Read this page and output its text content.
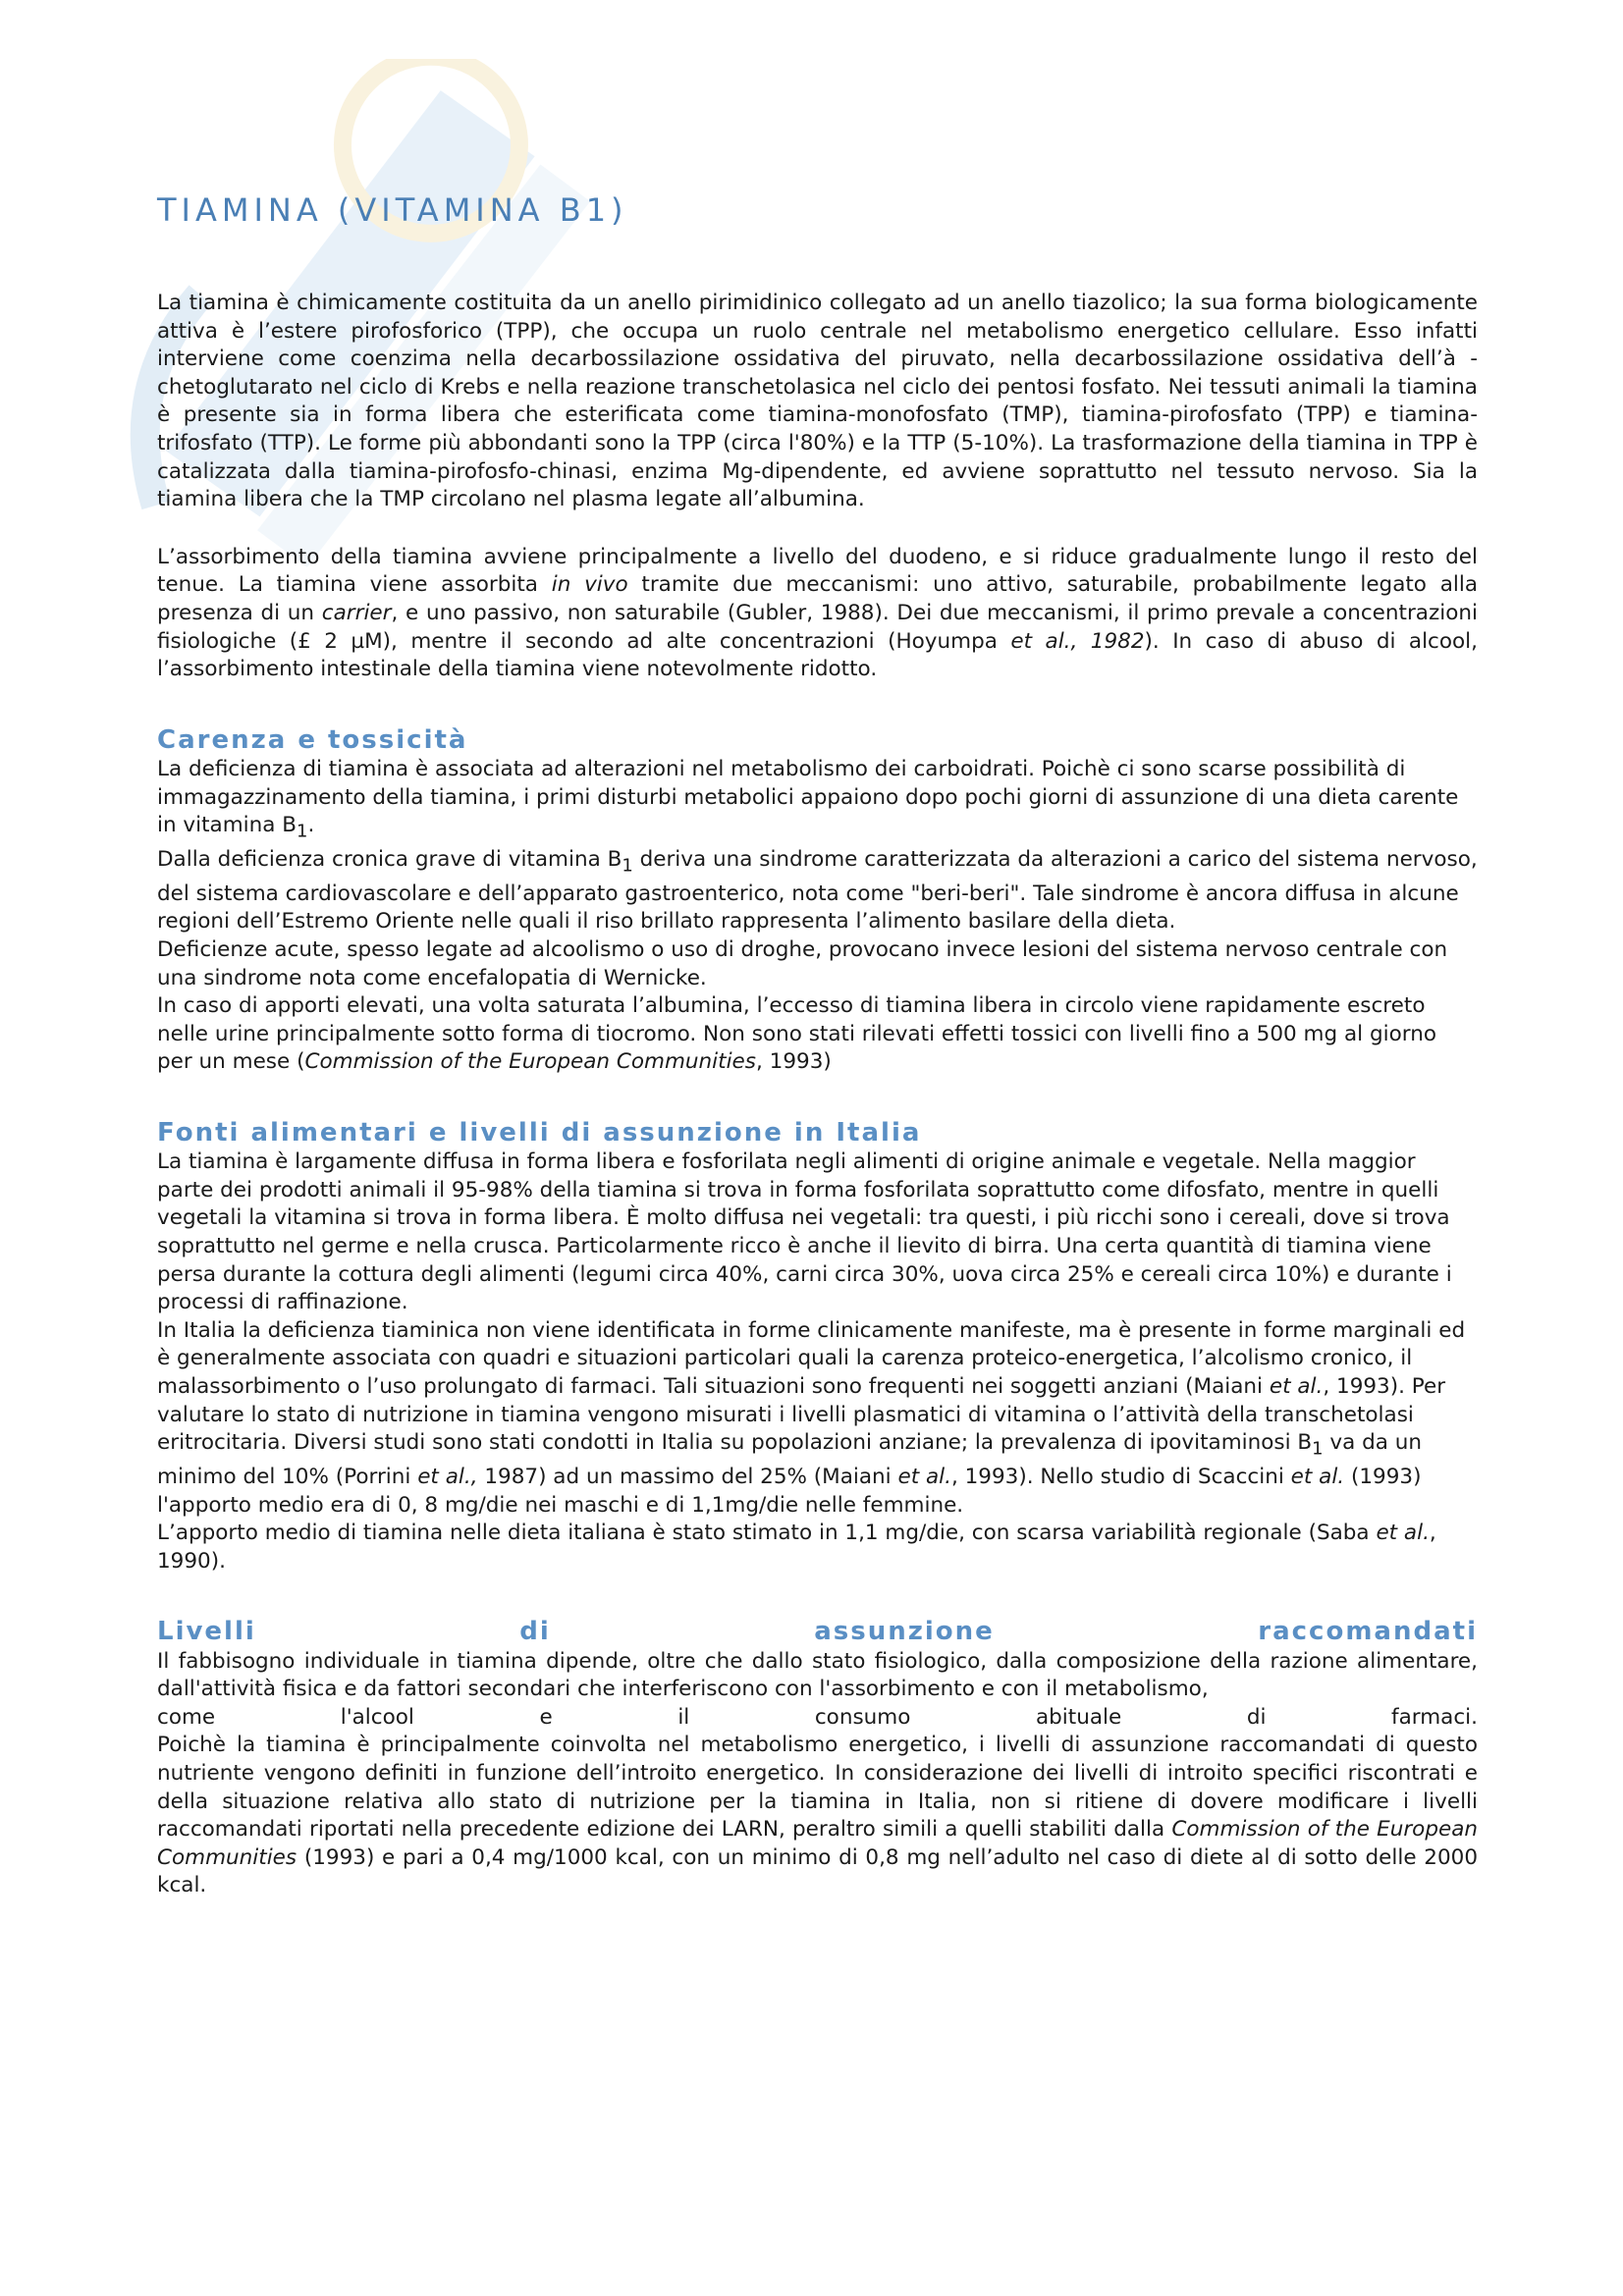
TIAMINA (VITAMINA B1)

La tiamina è chimicamente costituita da un anello pirimidinico collegato ad un anello tiazolico; la sua forma biologicamente attiva è l’estere pirofosforico (TPP), che occupa un ruolo centrale nel metabolismo energetico cellulare. Esso infatti interviene come coenzima nella decarbossilazione ossidativa del piruvato, nella decarbossilazione ossidativa dell’à -chetoglutarato nel ciclo di Krebs e nella reazione transchetolasica nel ciclo dei pentosi fosfato. Nei tessuti animali la tiamina è presente sia in forma libera che esterificata come tiamina-monofosfato (TMP), tiamina-pirofosfato (TPP) e tiamina-trifosfato (TTP). Le forme più abbondanti sono la TPP (circa l'80%) e la TTP (5-10%). La trasformazione della tiamina in TPP è catalizzata dalla tiamina-pirofosfo-chinasi, enzima Mg-dipendente, ed avviene soprattutto nel tessuto nervoso. Sia la tiamina libera che la TMP circolano nel plasma legate all’albumina.

L’assorbimento della tiamina avviene principalmente a livello del duodeno, e si riduce gradualmente lungo il resto del tenue. La tiamina viene assorbita in vivo tramite due meccanismi: uno attivo, saturabile, probabilmente legato alla presenza di un carrier, e uno passivo, non saturabile (Gubler, 1988). Dei due meccanismi, il primo prevale a concentrazioni fisiologiche (£ 2 µM), mentre il secondo ad alte concentrazioni (Hoyumpa et al., 1982). In caso di abuso di alcool, l’assorbimento intestinale della tiamina viene notevolmente ridotto.

Carenza e tossicità

La deficienza di tiamina è associata ad alterazioni nel metabolismo dei carboidrati. Poichè ci sono scarse possibilità di immagazzinamento della tiamina, i primi disturbi metabolici appaiono dopo pochi giorni di assunzione di una dieta carente in vitamina $B_1$.

Dalla deficienza cronica grave di vitamina $B_1$ deriva una sindrome caratterizzata da alterazioni a carico del sistema nervoso, del sistema cardiovascolare e dell’apparato gastroenterico, nota come "beri-beri". Tale sindrome è ancora diffusa in alcune regioni dell’Estremo Oriente nelle quali il riso brillato rappresenta l’alimento basilare della dieta.

Deficienze acute, spesso legate ad alcoolismo o uso di droghe, provocano invece lesioni del sistema nervoso centrale con una sindrome nota come encefalopatia di Wernicke.

In caso di apporti elevati, una volta saturata l’albumina, l’eccesso di tiamina libera in circolo viene rapidamente escreto nelle urine principalmente sotto forma di tiocromo. Non sono stati rilevati effetti tossici con livelli fino a 500 mg al giorno per un mese (Commission of the European Communities, 1993)

Fonti alimentari e livelli di assunzione in Italia

La tiamina è largamente diffusa in forma libera e fosforilata negli alimenti di origine animale e vegetale. Nella maggior parte dei prodotti animali il 95-98% della tiamina si trova in forma fosforilata soprattutto come difosfato, mentre in quelli vegetali la vitamina si trova in forma libera. È molto diffusa nei vegetali: tra questi, i più ricchi sono i cereali, dove si trova soprattutto nel germe e nella crusca. Particolarmente ricco è anche il lievito di birra. Una certa quantità di tiamina viene persa durante la cottura degli alimenti (legumi circa 40%, carni circa 30%, uova circa 25% e cereali circa 10%) e durante i processi di raffinazione.

In Italia la deficienza tiaminica non viene identificata in forme clinicamente manifeste, ma è presente in forme marginali ed è generalmente associata con quadri e situazioni particolari quali la carenza proteico-energetica, l’alcolismo cronico, il malassorbimento o l’uso prolungato di farmaci. Tali situazioni sono frequenti nei soggetti anziani (Maiani et al., 1993). Per valutare lo stato di nutrizione in tiamina vengono misurati i livelli plasmatici di vitamina o l’attività della transchetolasi eritrocitaria. Diversi studi sono stati condotti in Italia su popolazioni anziane; la prevalenza di ipovitaminosi $B_1$ va da un minimo del 10% (Porrini et al., 1987) ad un massimo del 25% (Maiani et al., 1993). Nello studio di Scaccini et al. (1993) l'apporto medio era di 0, 8 mg/die nei maschi e di 1,1mg/die nelle femmine.

L’apporto medio di tiamina nelle dieta italiana è stato stimato in 1,1 mg/die, con scarsa variabilità regionale (Saba et al., 1990).

Livelli	di	assunzione	raccomandati

Il fabbisogno individuale in tiamina dipende, oltre che dallo stato fisiologico, dalla composizione della razione alimentare, dall'attività fisica e da fattori secondari che interferiscono con l'assorbimento e con il metabolismo,

come	l'alcool	e	il	consumo	abituale	di	farmaci.

Poichè la tiamina è principalmente coinvolta nel metabolismo energetico, i livelli di assunzione raccomandati di questo nutriente vengono definiti in funzione dell’introito energetico. In considerazione dei livelli di introito specifici riscontrati e della situazione relativa allo stato di nutrizione per la tiamina in Italia, non si ritiene di dovere modificare i livelli raccomandati riportati nella precedente edizione dei LARN, peraltro simili a quelli stabiliti dalla Commission of the European Communities (1993) e pari a 0,4 mg/1000 kcal, con un minimo di 0,8 mg nell’adulto nel caso di diete al di sotto delle 2000 kcal.
